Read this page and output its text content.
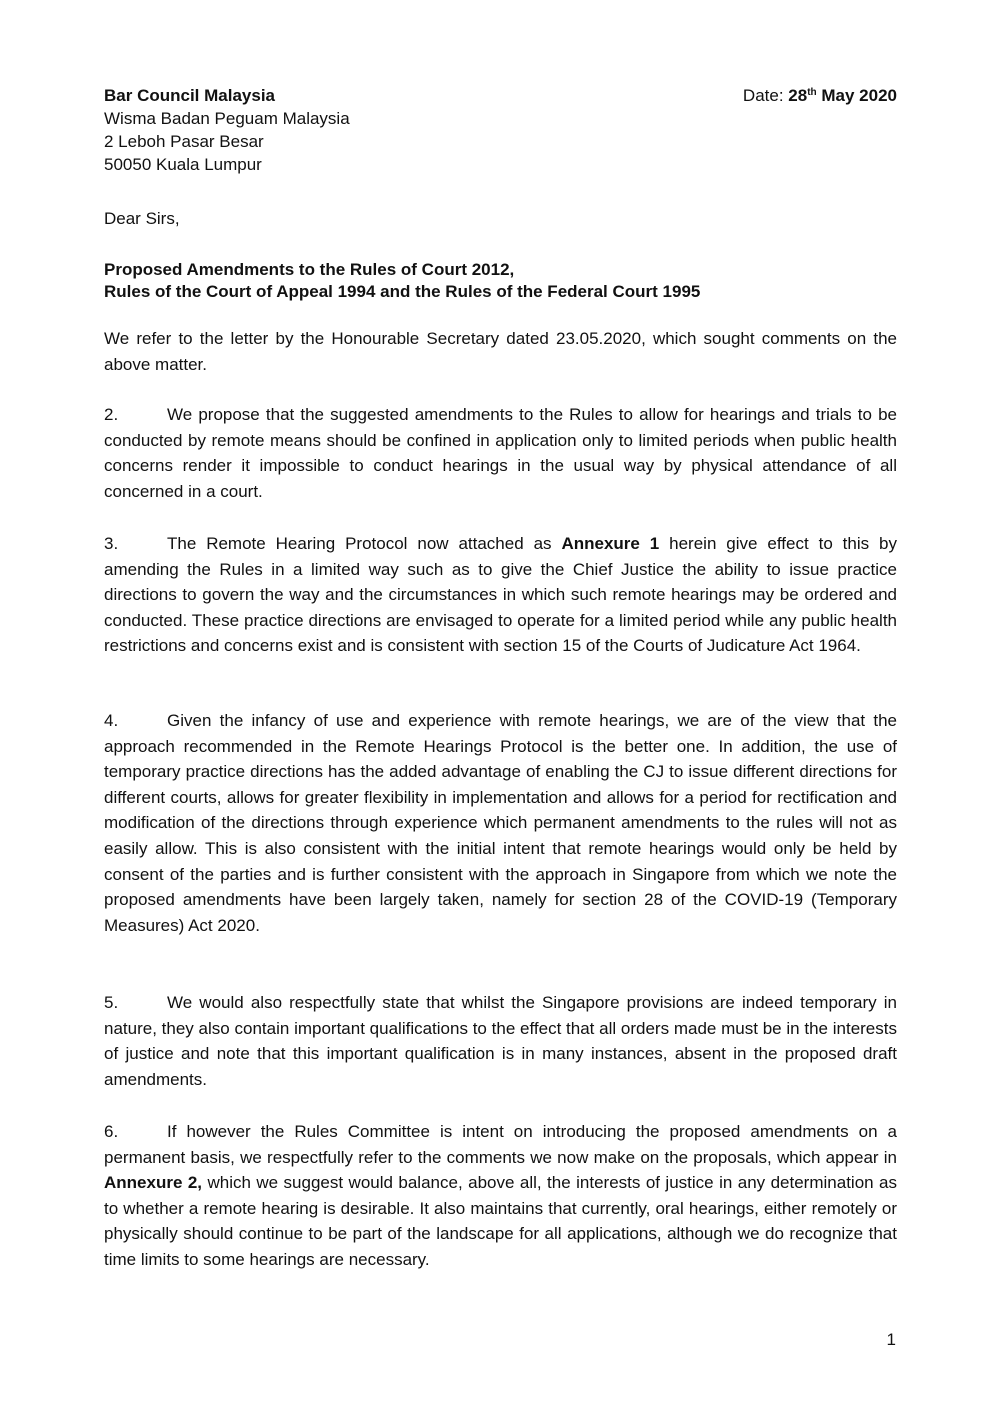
Bar Council Malaysia
Wisma Badan Peguam Malaysia
2 Leboh Pasar Besar
50050 Kuala Lumpur
Date: 28th May 2020
Dear Sirs,
Proposed Amendments to the Rules of Court 2012,
Rules of the Court of Appeal 1994 and the Rules of the Federal Court 1995
We refer to the letter by the Honourable Secretary dated 23.05.2020, which sought comments on the above matter.
2.	We propose that the suggested amendments to the Rules to allow for hearings and trials to be conducted by remote means should be confined in application only to limited periods when public health concerns render it impossible to conduct hearings in the usual way by physical attendance of all concerned in a court.
3.	The Remote Hearing Protocol now attached as Annexure 1 herein give effect to this by amending the Rules in a limited way such as to give the Chief Justice the ability to issue practice directions to govern the way and the circumstances in which such remote hearings may be ordered and conducted. These practice directions are envisaged to operate for a limited period while any public health restrictions and concerns exist and is consistent with section 15 of the Courts of Judicature Act 1964.
4.	Given the infancy of use and experience with remote hearings, we are of the view that the approach recommended in the Remote Hearings Protocol is the better one. In addition, the use of temporary practice directions has the added advantage of enabling the CJ to issue different directions for different courts, allows for greater flexibility in implementation and allows for a period for rectification and modification of the directions through experience which permanent amendments to the rules will not as easily allow. This is also consistent with the initial intent that remote hearings would only be held by consent of the parties and is further consistent with the approach in Singapore from which we note the proposed amendments have been largely taken, namely for section 28 of the COVID-19 (Temporary Measures) Act 2020.
5.	We would also respectfully state that whilst the Singapore provisions are indeed temporary in nature, they also contain important qualifications to the effect that all orders made must be in the interests of justice and note that this important qualification is in many instances, absent in the proposed draft amendments.
6.	If however the Rules Committee is intent on introducing the proposed amendments on a permanent basis, we respectfully refer to the comments we now make on the proposals, which appear in Annexure 2, which we suggest would balance, above all, the interests of justice in any determination as to whether a remote hearing is desirable. It also maintains that currently, oral hearings, either remotely or physically should continue to be part of the landscape for all applications, although we do recognize that time limits to some hearings are necessary.
1
